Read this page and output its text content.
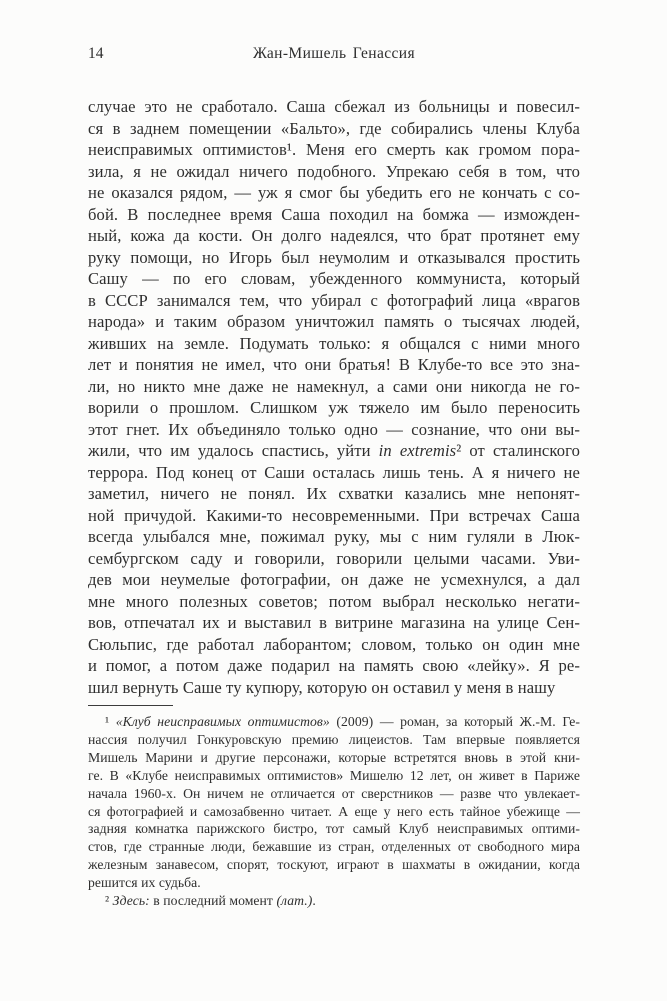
14	Жан-Мишель Генассия
случае это не сработало. Саша сбежал из больницы и повесил-
ся в заднем помещении «Бальто», где собирались члены Клуба
неисправимых оптимистов¹. Меня его смерть как громом пора-
зила, я не ожидал ничего подобного. Упрекаю себя в том, что
не оказался рядом, — уж я смог бы убедить его не кончать с со-
бой. В последнее время Саша походил на бомжа — изможден-
ный, кожа да кости. Он долго надеялся, что брат протянет ему
руку помощи, но Игорь был неумолим и отказывался простить
Сашу — по его словам, убежденного коммуниста, который
в СССР занимался тем, что убирал с фотографий лица «врагов
народа» и таким образом уничтожил память о тысячах людей,
живших на земле. Подумать только: я общался с ними много
лет и понятия не имел, что они братья! В Клубе-то все это зна-
ли, но никто мне даже не намекнул, а сами они никогда не го-
ворили о прошлом. Слишком уж тяжело им было переносить
этот гнет. Их объединяло только одно — сознание, что они вы-
жили, что им удалось спастись, уйти in extremis² от сталинского
террора. Под конец от Саши осталась лишь тень. А я ничего не
заметил, ничего не понял. Их схватки казались мне непонят-
ной причудой. Какими-то несовременными. При встречах Саша
всегда улыбался мне, пожимал руку, мы с ним гуляли в Люк-
сембургском саду и говорили, говорили целыми часами. Уви-
дев мои неумелые фотографии, он даже не усмехнулся, а дал
мне много полезных советов; потом выбрал несколько негати-
вов, отпечатал их и выставил в витрине магазина на улице Сен-
Сюльпис, где работал лаборантом; словом, только он один мне
и помог, а потом даже подарил на память свою «лейку». Я ре-
шил вернуть Саше ту купюру, которую он оставил у меня в нашу
¹ «Клуб неисправимых оптимистов» (2009) — роман, за который Ж.-М. Ге-
нассия получил Гонкуровскую премию лицеистов. Там впервые появляется
Мишель Марини и другие персонажи, которые встретятся вновь в этой кни-
ге. В «Клубе неисправимых оптимистов» Мишелю 12 лет, он живет в Париже
начала 1960-х. Он ничем не отличается от сверстников — разве что увлекает-
ся фотографией и самозабвенно читает. А еще у него есть тайное убежище —
задняя комнатка парижского бистро, тот самый Клуб неисправимых оптими-
стов, где странные люди, бежавшие из стран, отделенных от свободного мира
железным занавесом, спорят, тоскуют, играют в шахматы в ожидании, когда
решится их судьба.
² Здесь: в последний момент (лат.).
